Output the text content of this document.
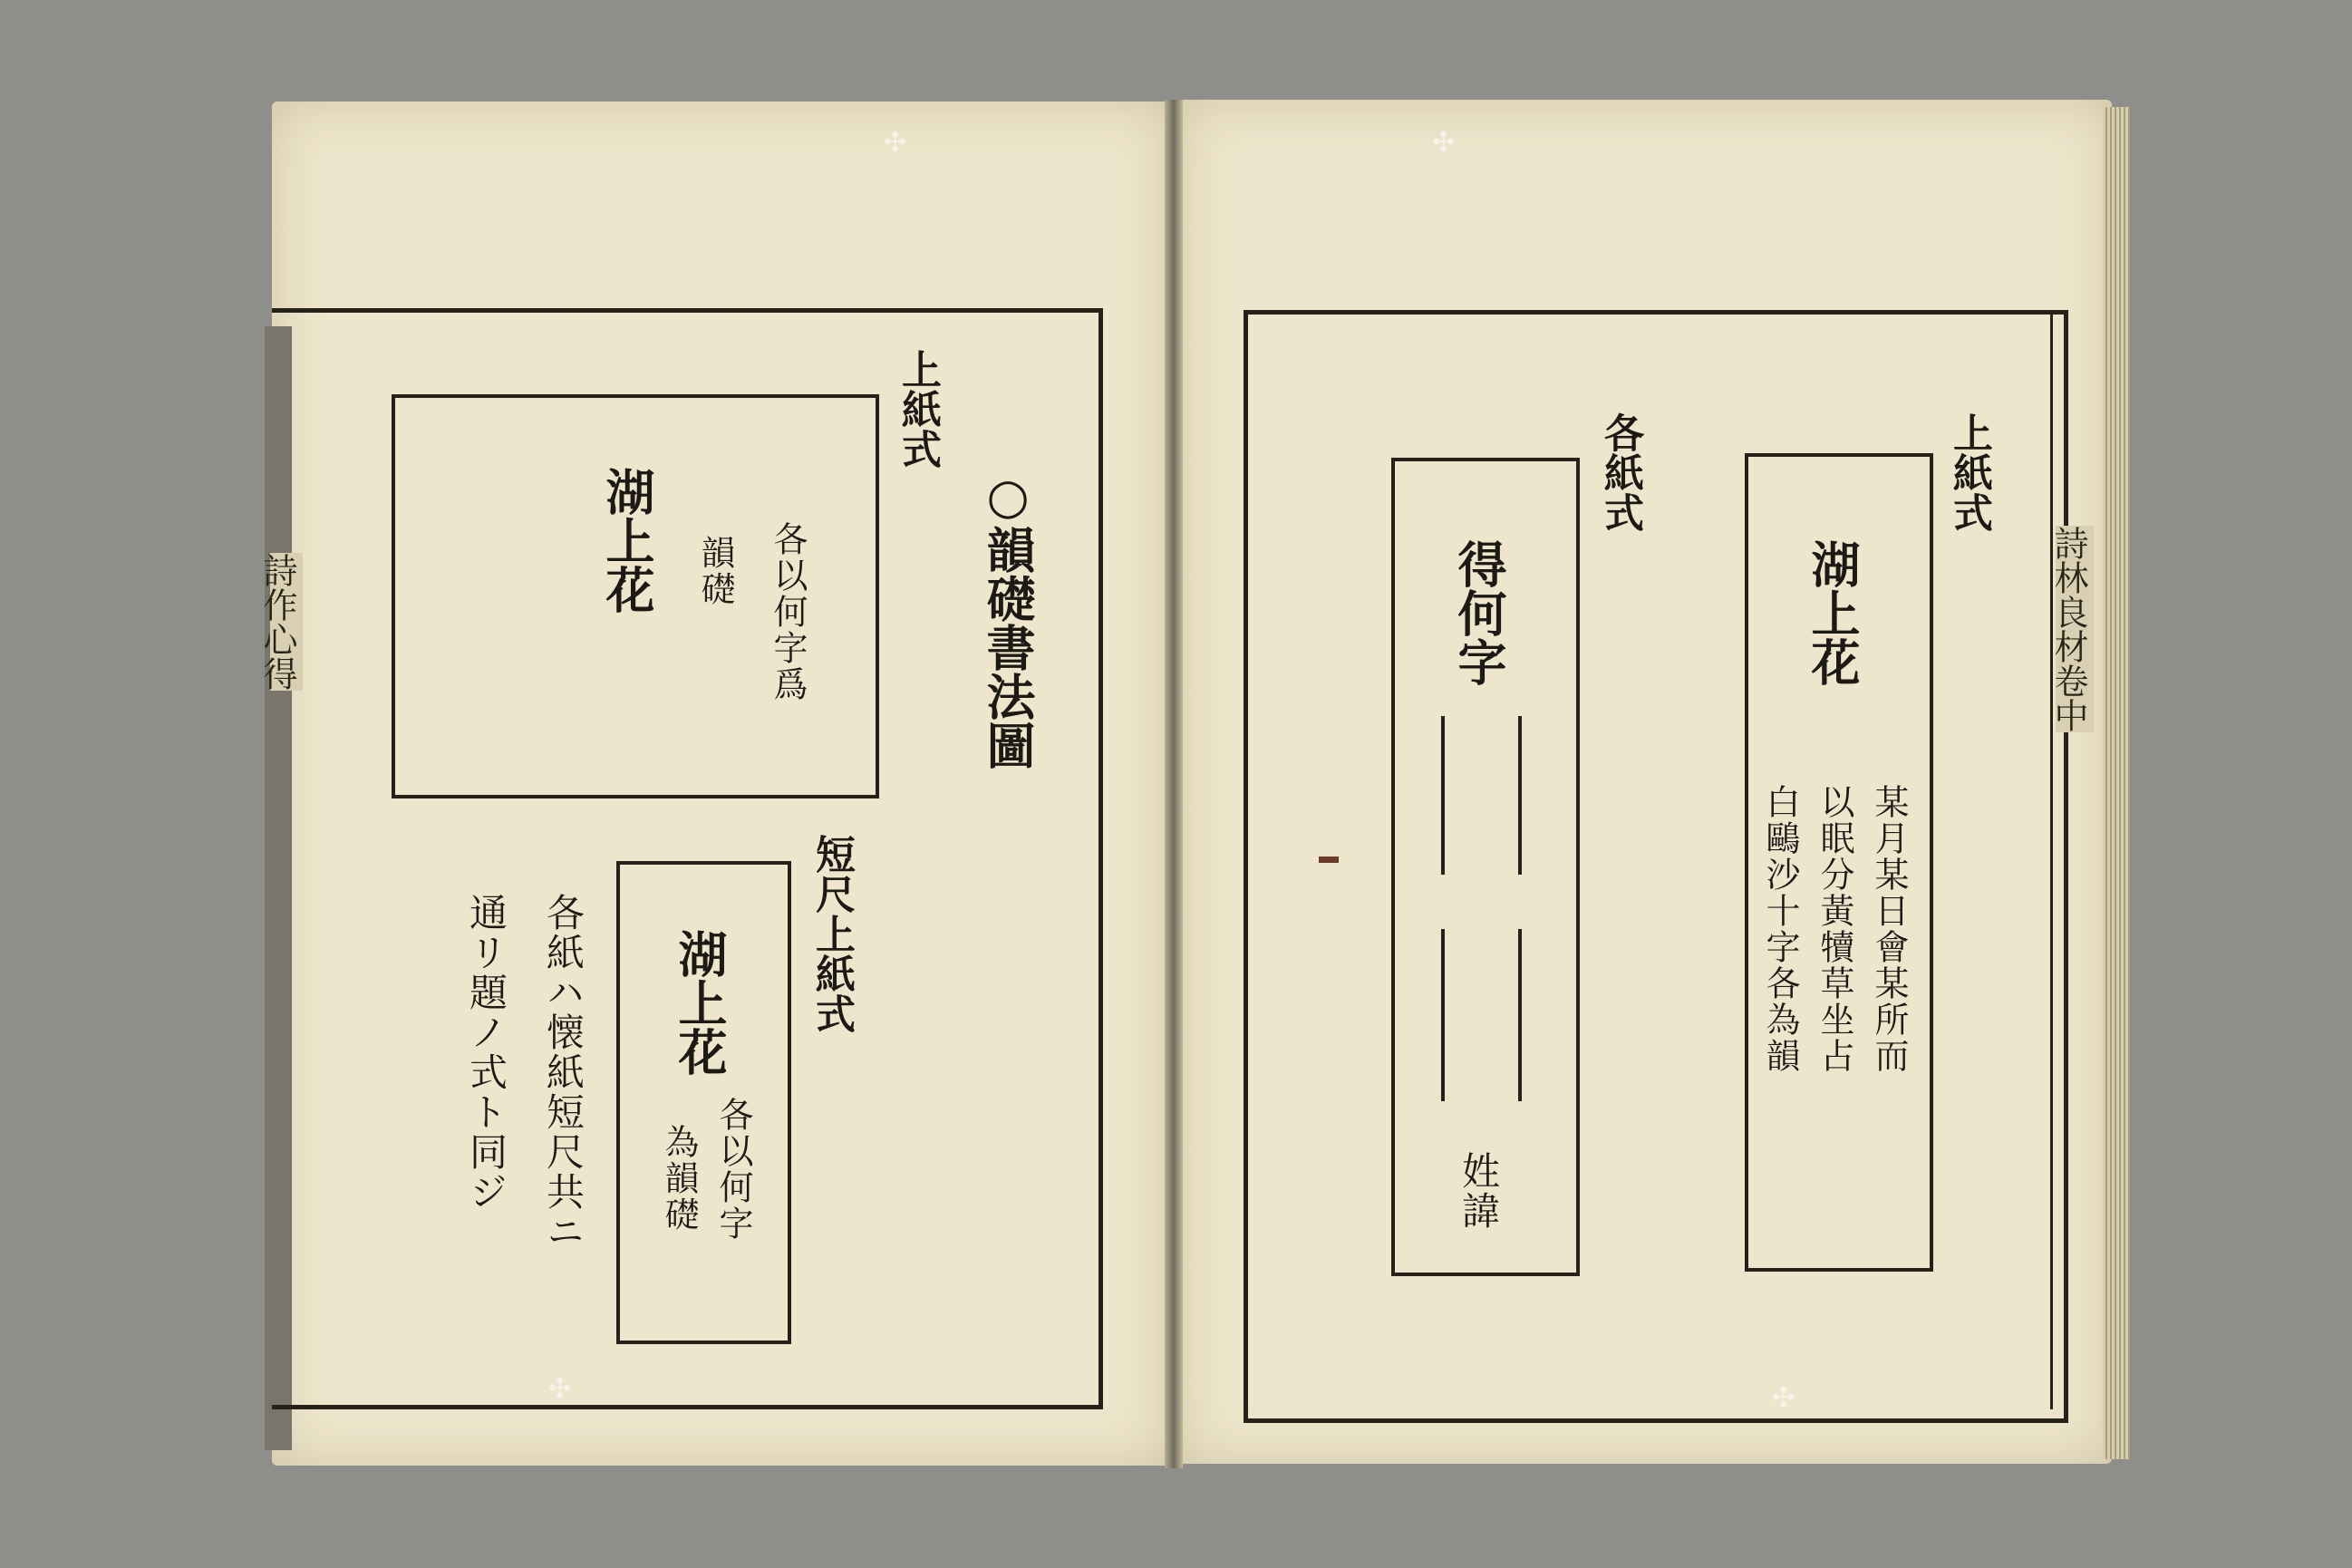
✣	✣
✣	✣
詩作心得	○韻礎書法圖
上紙式
湖上花	各以何字爲
韻礎
短尺上紙式
湖上花
各以何字
為韻礎
各紙ハ懐紙短尺共ニ
通リ題ノ式ト同ジ
詩林良材卷中
上紙式
湖上花
某月某日會某所而
以眠分黃犢草坐占
白鷗沙十字各為韻
各紙式
得何字
姓諱
